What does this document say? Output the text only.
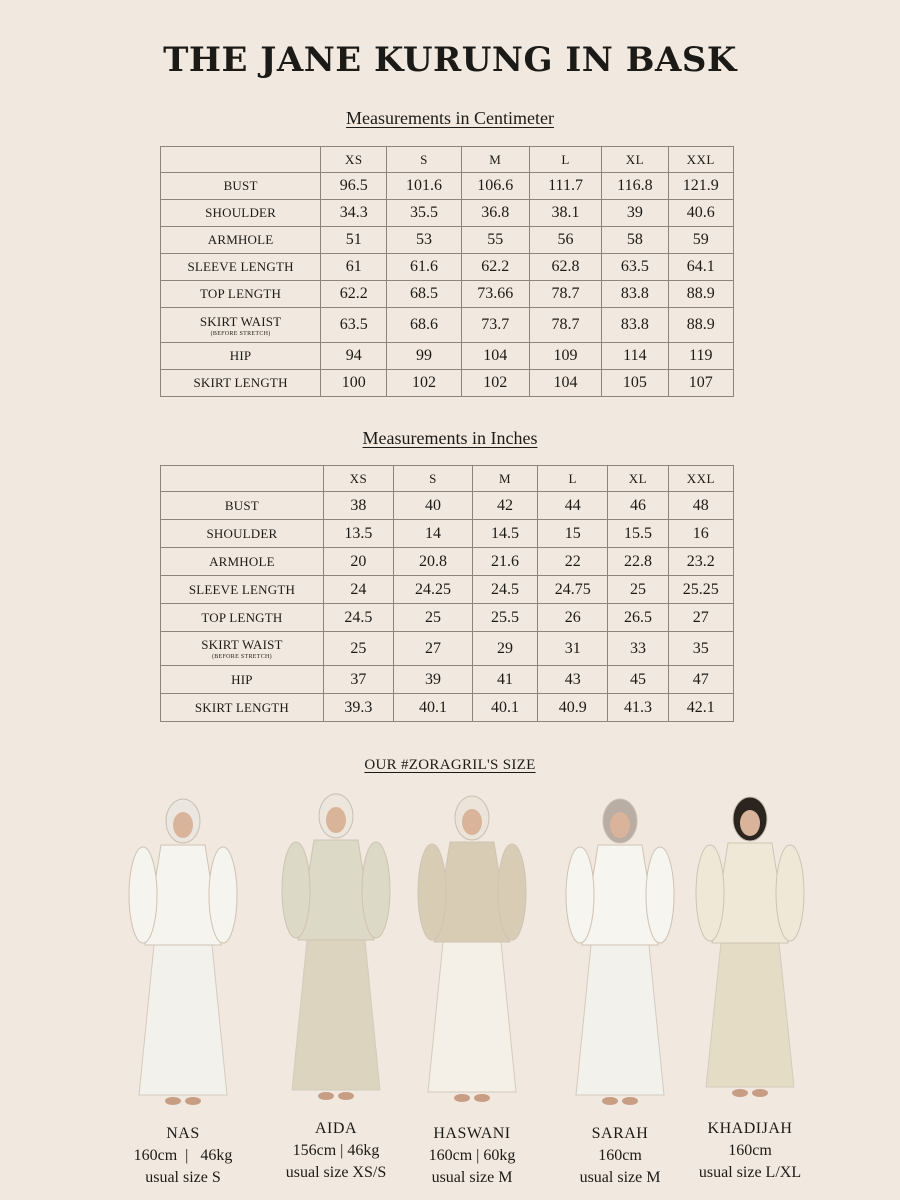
THE JANE KURUNG IN BASK
Measurements in Centimeter
	XS	S	M	L	XL	XXL
BUST	96.5	101.6	106.6	111.7	116.8	121.9
SHOULDER	34.3	35.5	36.8	38.1	39	40.6
ARMHOLE	51	53	55	56	58	59
SLEEVE LENGTH	61	61.6	62.2	62.8	63.5	64.1
TOP LENGTH	62.2	68.5	73.66	78.7	83.8	88.9
SKIRT WAIST
(BEFORE STRETCH)	63.5	68.6	73.7	78.7	83.8	88.9
HIP	94	99	104	109	114	119
SKIRT LENGTH	100	102	102	104	105	107
Measurements in Inches
	XS	S	M	L	XL	XXL
BUST	38	40	42	44	46	48
SHOULDER	13.5	14	14.5	15	15.5	16
ARMHOLE	20	20.8	21.6	22	22.8	23.2
SLEEVE LENGTH	24	24.25	24.5	24.75	25	25.25
TOP LENGTH	24.5	25	25.5	26	26.5	27
SKIRT WAIST
(BEFORE STRETCH)	25	27	29	31	33	35
HIP	37	39	41	43	45	47
SKIRT LENGTH	39.3	40.1	40.1	40.9	41.3	42.1
OUR #ZORAGRIL'S SIZE
NAS
160cm  |   46kg
usual size S
AIDA
156cm | 46kg
usual size XS/S
HASWANI
160cm | 60kg
usual size M
SARAH
160cm
usual size M
KHADIJAH
160cm
usual size L/XL
